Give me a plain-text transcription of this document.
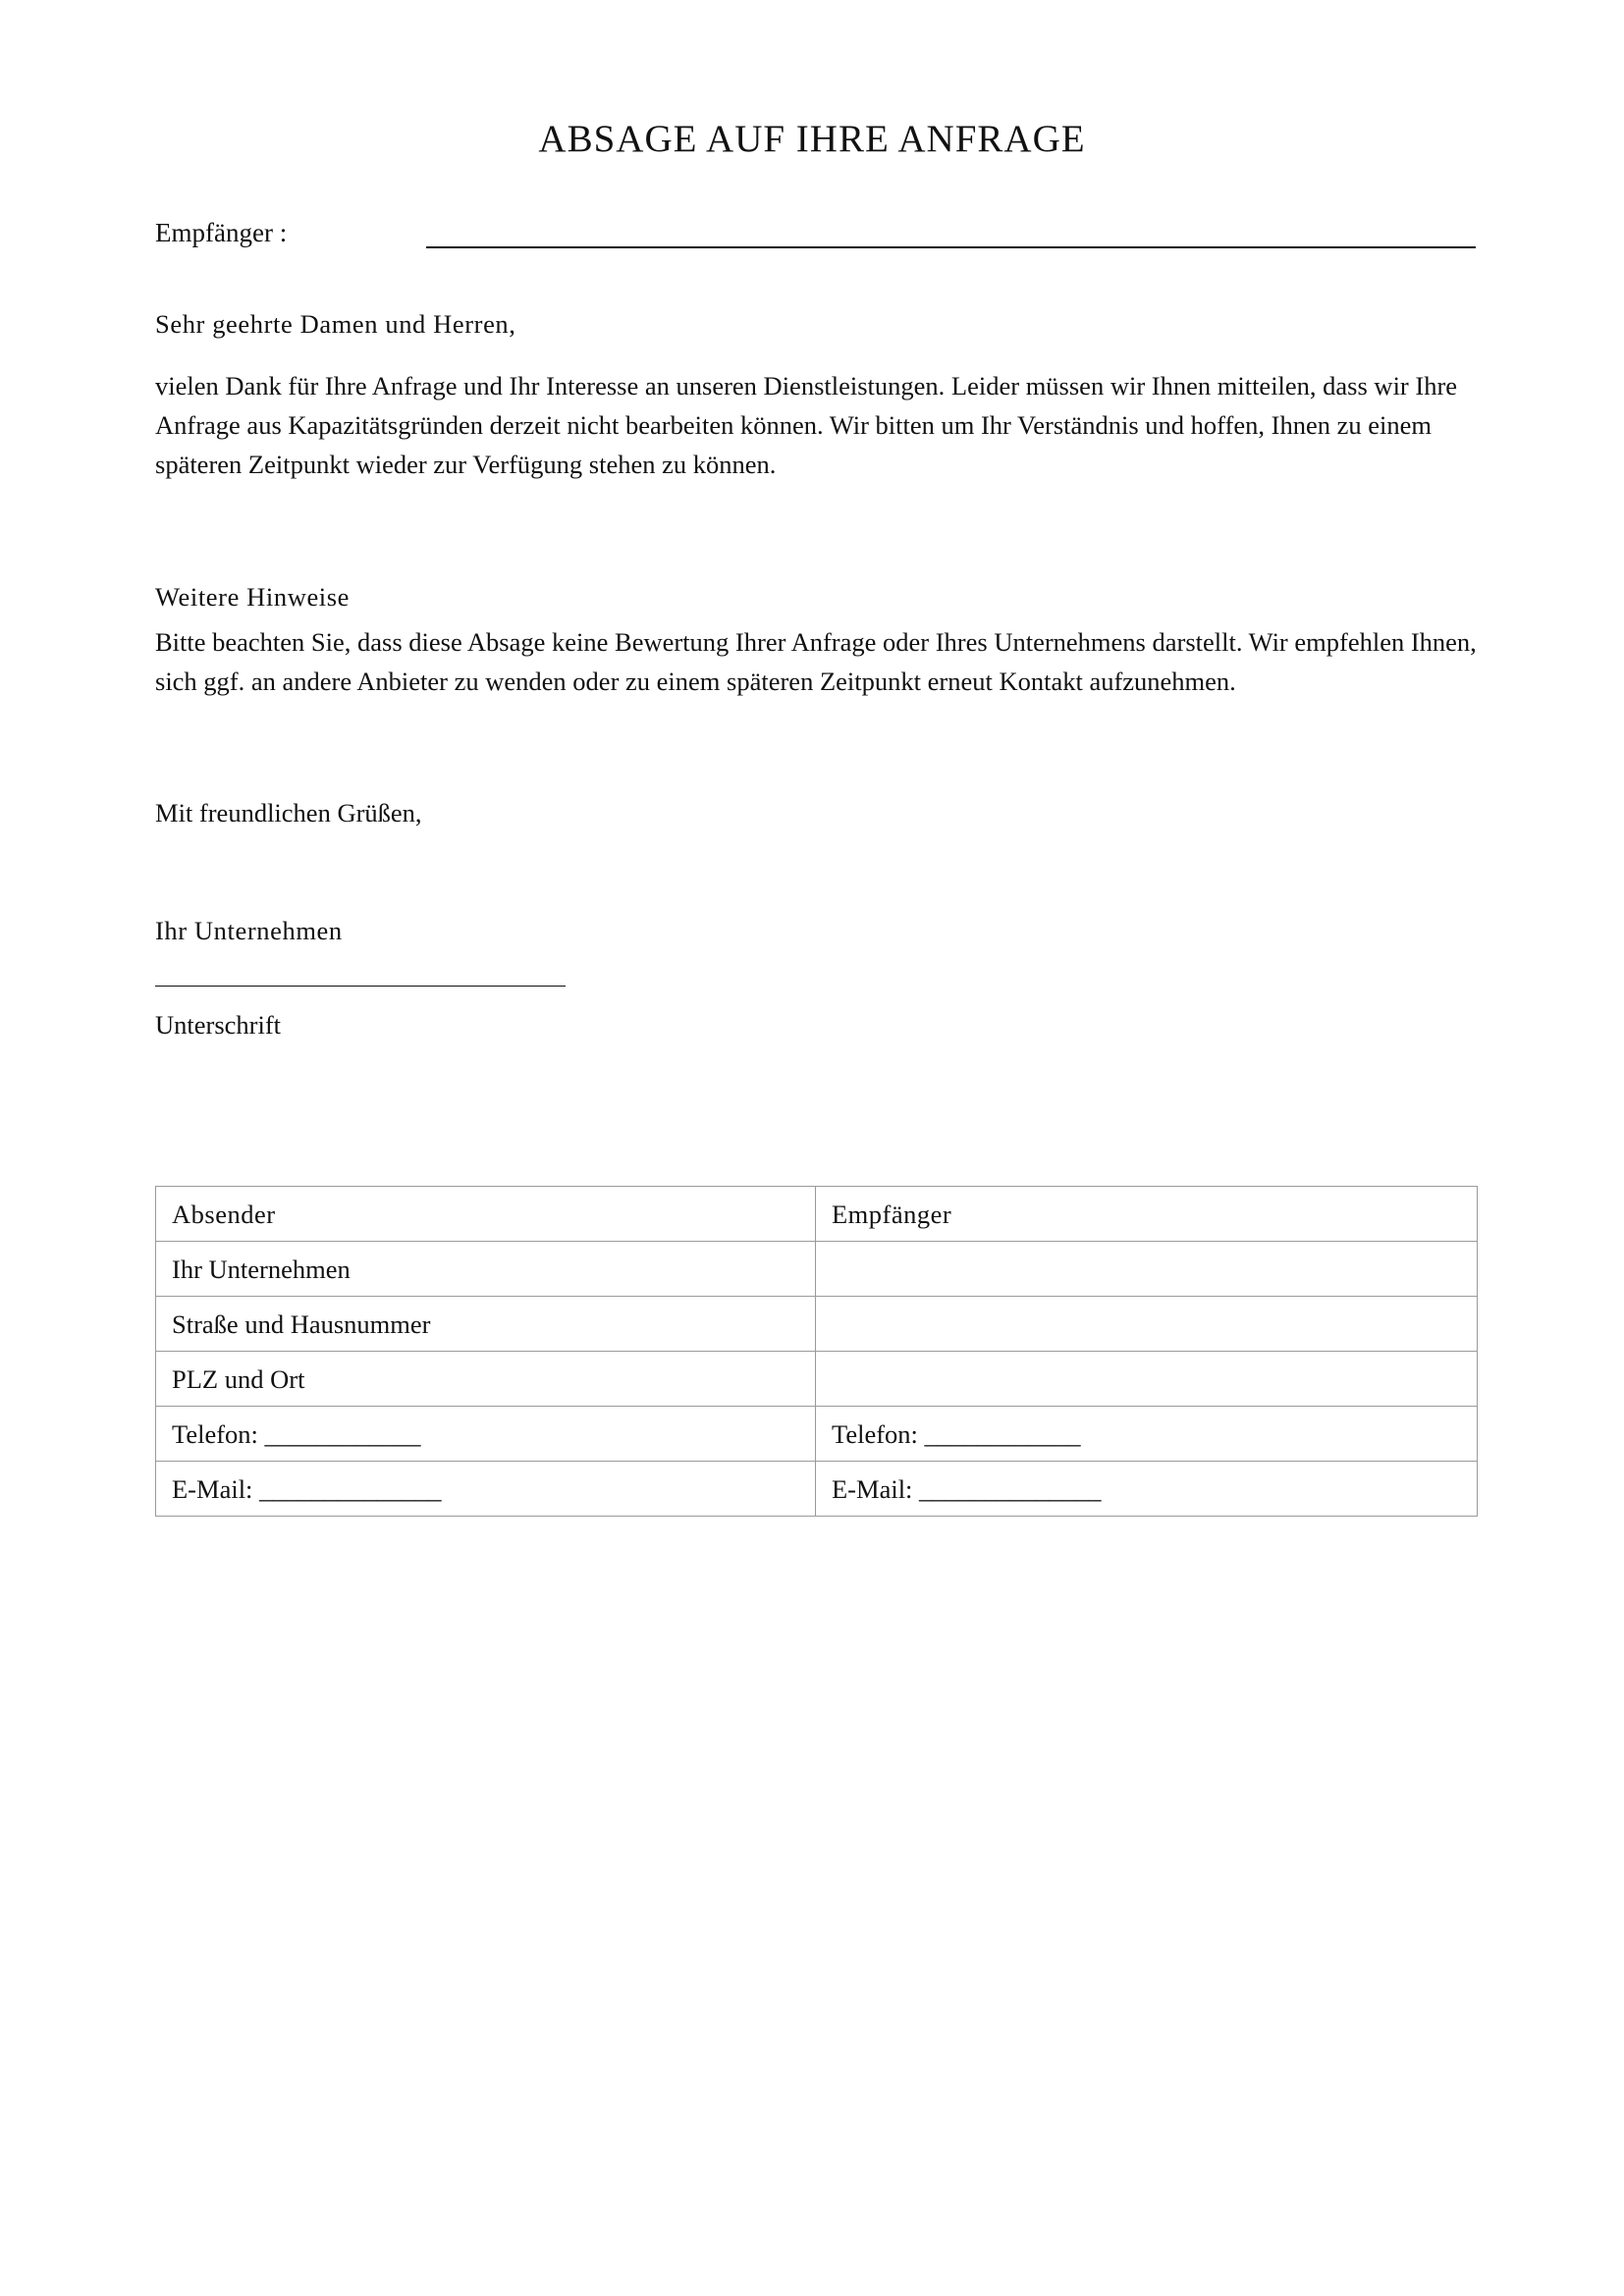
ABSAGE AUF IHRE ANFRAGE
Empfänger :
Sehr geehrte Damen und Herren,
vielen Dank für Ihre Anfrage und Ihr Interesse an unseren Dienstleistungen. Leider müssen wir Ihnen mitteilen, dass wir Ihre Anfrage aus Kapazitätsgründen derzeit nicht bearbeiten können. Wir bitten um Ihr Verständnis und hoffen, Ihnen zu einem späteren Zeitpunkt wieder zur Verfügung stehen zu können.
Weitere Hinweise
Bitte beachten Sie, dass diese Absage keine Bewertung Ihrer Anfrage oder Ihres Unternehmens darstellt. Wir empfehlen Ihnen, sich ggf. an andere Anbieter zu wenden oder zu einem späteren Zeitpunkt erneut Kontakt aufzunehmen.
Mit freundlichen Grüßen,
Ihr Unternehmen
Unterschrift
Absender	Empfänger
Ihr Unternehmen	
Straße und Hausnummer	
PLZ und Ort	
Telefon: ____________	Telefon: ____________
E-Mail: ______________	E-Mail: ______________
